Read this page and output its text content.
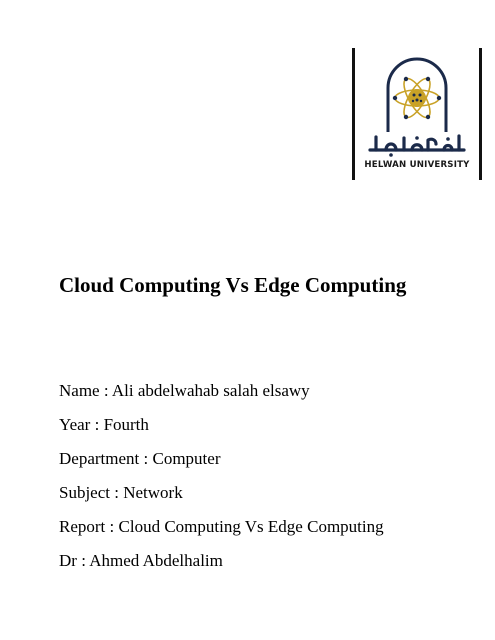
HELWAN UNIVERSITY
Cloud Computing Vs Edge Computing
Name : Ali abdelwahab salah elsawy
Year : Fourth
Department : Computer
Subject : Network
Report : Cloud Computing Vs Edge Computing
Dr : Ahmed Abdelhalim
